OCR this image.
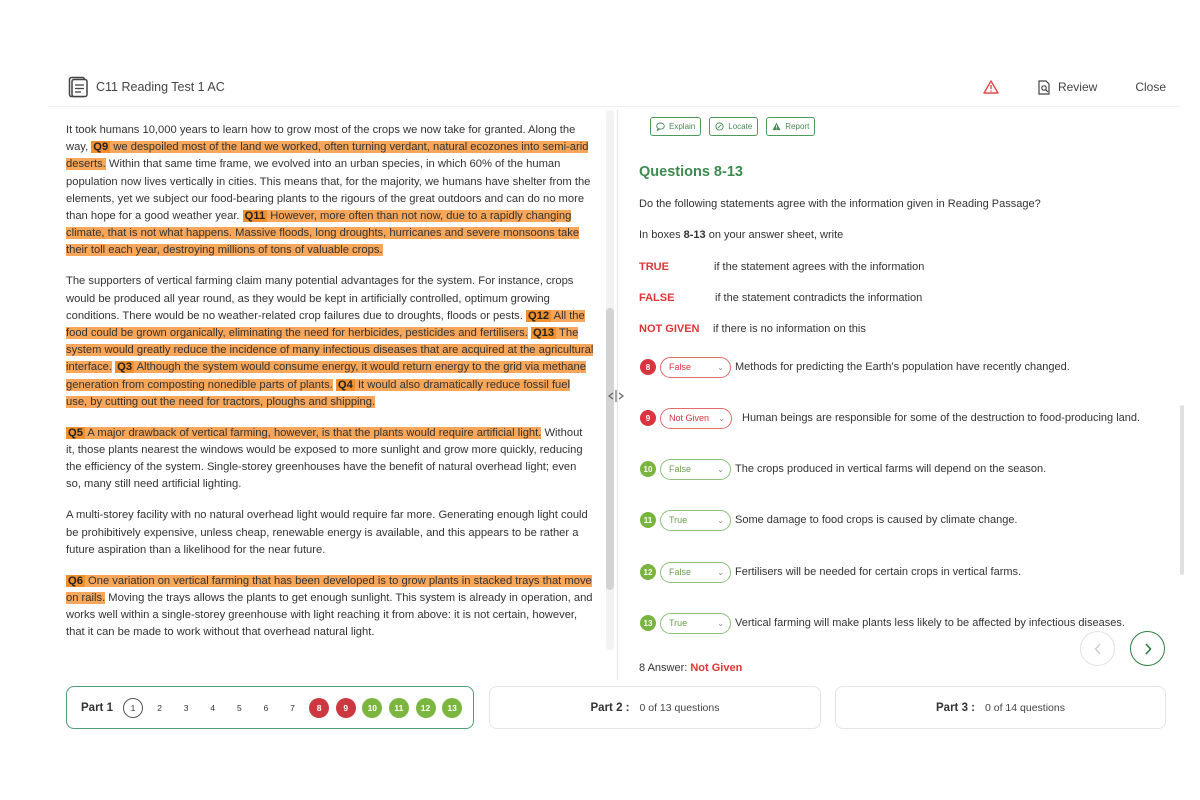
C11 Reading Test 1 AC	Review	Close

It took humans 10,000 years to learn how to grow most of the crops we now take for granted. Along the way, Q9 we despoiled most of the land we worked, often turning verdant, natural ecozones into semi-arid deserts. Within that same time frame, we evolved into an urban species, in which 60% of the human population now lives vertically in cities. This means that, for the majority, we humans have shelter from the elements, yet we subject our food-bearing plants to the rigours of the great outdoors and can do no more than hope for a good weather year. Q11 However, more often than not now, due to a rapidly changing climate, that is not what happens. Massive floods, long droughts, hurricanes and severe monsoons take their toll each year, destroying millions of tons of valuable crops.

The supporters of vertical farming claim many potential advantages for the system. For instance, crops would be produced all year round, as they would be kept in artificially controlled, optimum growing conditions. There would be no weather-related crop failures due to droughts, floods or pests. Q12 All the food could be grown organically, eliminating the need for herbicides, pesticides and fertilisers. Q13 The system would greatly reduce the incidence of many infectious diseases that are acquired at the agricultural interface. Q3 Although the system would consume energy, it would return energy to the grid via methane generation from composting nonedible parts of plants. Q4 It would also dramatically reduce fossil fuel use, by cutting out the need for tractors, ploughs and shipping.

Q5 A major drawback of vertical farming, however, is that the plants would require artificial light. Without it, those plants nearest the windows would be exposed to more sunlight and grow more quickly, reducing the efficiency of the system. Single-storey greenhouses have the benefit of natural overhead light; even so, many still need artificial lighting.

A multi-storey facility with no natural overhead light would require far more. Generating enough light could be prohibitively expensive, unless cheap, renewable energy is available, and this appears to be rather a future aspiration than a likelihood for the near future.

Q6 One variation on vertical farming that has been developed is to grow plants in stacked trays that move on rails. Moving the trays allows the plants to get enough sunlight. This system is already in operation, and works well within a single-storey greenhouse with light reaching it from above: it is not certain, however, that it can be made to work without that overhead natural light.

Explain	Locate	Report
Questions 8-13
Do the following statements agree with the information given in Reading Passage?
In boxes 8-13 on your answer sheet, write
TRUE	if the statement agrees with the information
FALSE	if the statement contradicts the information
NOT GIVEN	if there is no information on this
8	False	⌄ Methods for predicting the Earth's population have recently changed.
9	Not Given ⌄ Human beings are responsible for some of the destruction to food-producing land.
10	False	⌄ The crops produced in vertical farms will depend on the season.
11	True	⌄ Some damage to food crops is caused by climate change.
12	False	⌄ Fertilisers will be needed for certain crops in vertical farms.
13	True	⌄ Vertical farming will make plants less likely to be affected by infectious diseases.
8 Answer: Not Given
Part 1	1	2	3	4	5	6	7	8	9	10	11	12	13	Part 2 : 0 of 13 questions	Part 3 : 0 of 14 questions
